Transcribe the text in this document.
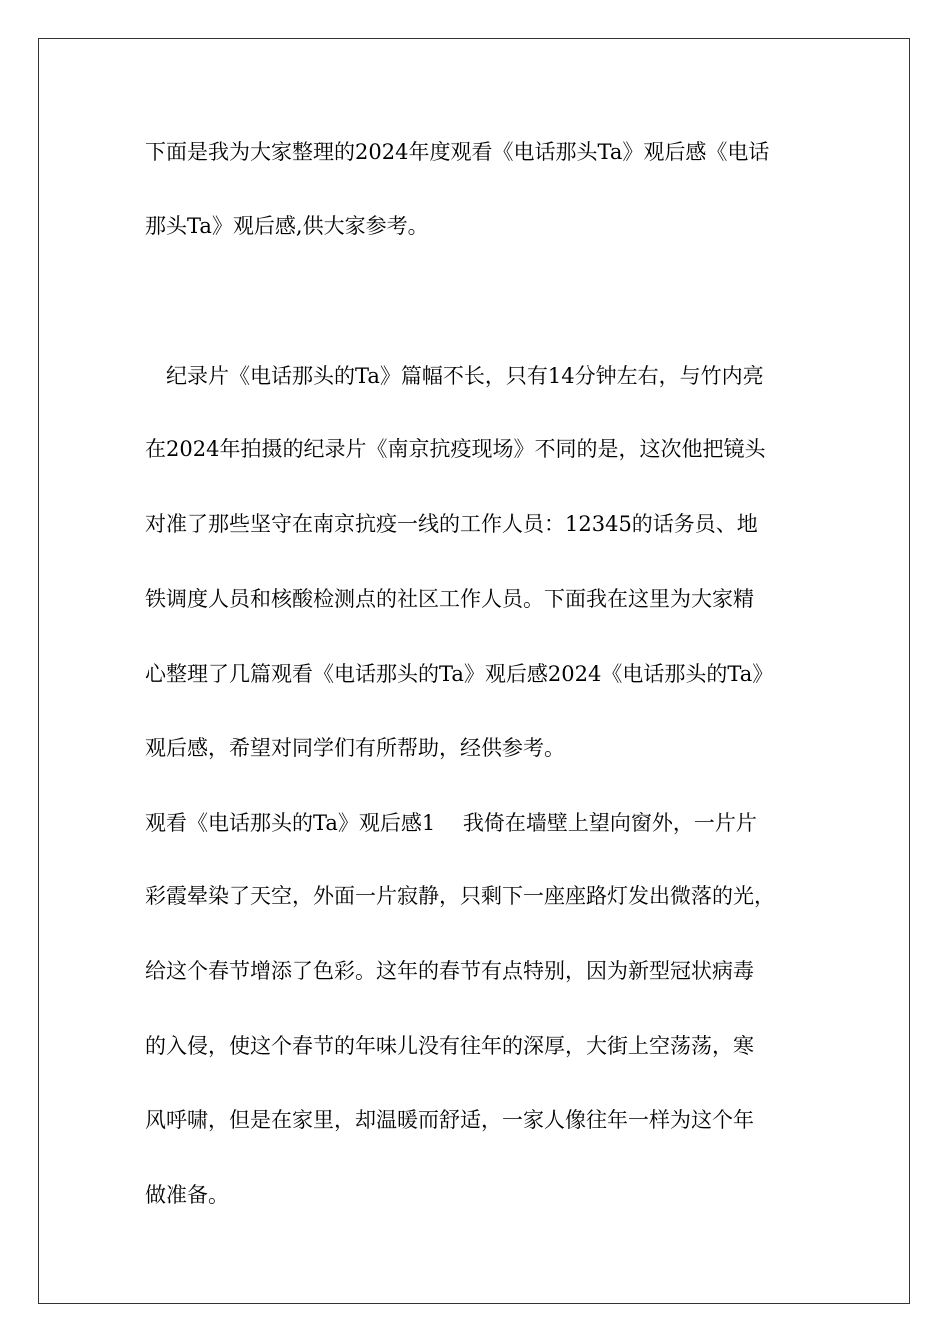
下面是我为大家整理的2024年度观看《电话那头Ta》观后感《电话
那头Ta》观后感,供大家参考。
　纪录片《电话那头的Ta》篇幅不长，只有14分钟左右，与竹内亮
在2024年拍摄的纪录片《南京抗疫现场》不同的是，这次他把镜头
对准了那些坚守在南京抗疫一线的工作人员：12345的话务员、地
铁调度人员和核酸检测点的社区工作人员。下面我在这里为大家精
心整理了几篇观看《电话那头的Ta》观后感2024《电话那头的Ta》
观后感，希望对同学们有所帮助，经供参考。
观看《电话那头的Ta》观后感1　 我倚在墙壁上望向窗外，一片片
彩霞晕染了天空，外面一片寂静，只剩下一座座路灯发出微落的光，
给这个春节增添了色彩。这年的春节有点特别，因为新型冠状病毒
的入侵，使这个春节的年味儿没有往年的深厚，大街上空荡荡，寒
风呼啸，但是在家里，却温暖而舒适，一家人像往年一样为这个年
做准备。
